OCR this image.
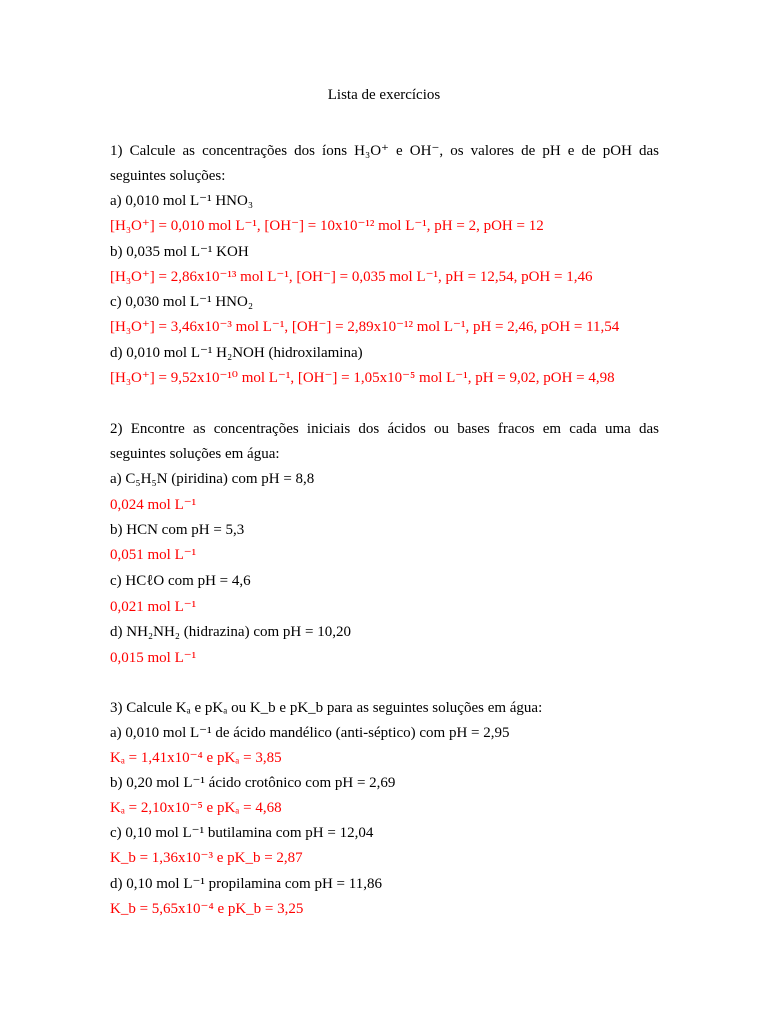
Lista de exercícios
1) Calcule as concentrações dos íons H₃O⁺ e OH⁻, os valores de pH e de pOH das
seguintes soluções:
a) 0,010 mol L⁻¹ HNO₃
[H₃O⁺] = 0,010 mol L⁻¹, [OH⁻] = 10x10⁻¹² mol L⁻¹, pH = 2, pOH = 12
b) 0,035 mol L⁻¹ KOH
[H₃O⁺] = 2,86x10⁻¹³ mol L⁻¹, [OH⁻] = 0,035 mol L⁻¹, pH = 12,54, pOH = 1,46
c) 0,030 mol L⁻¹ HNO₂
[H₃O⁺] = 3,46x10⁻³ mol L⁻¹, [OH⁻] = 2,89x10⁻¹² mol L⁻¹, pH = 2,46, pOH = 11,54
d) 0,010 mol L⁻¹ H₂NOH (hidroxilamina)
[H₃O⁺] = 9,52x10⁻¹⁰ mol L⁻¹, [OH⁻] = 1,05x10⁻⁵ mol L⁻¹, pH = 9,02, pOH = 4,98
2) Encontre as concentrações iniciais dos ácidos ou bases fracos em cada uma das
seguintes soluções em água:
a) C₅H₅N (piridina) com pH = 8,8
0,024 mol L⁻¹
b) HCN com pH = 5,3
0,051 mol L⁻¹
c) HCℓO com pH = 4,6
0,021 mol L⁻¹
d) NH₂NH₂ (hidrazina) com pH = 10,20
0,015 mol L⁻¹
3) Calcule Kₐ e pKₐ ou K_b e pK_b para as seguintes soluções em água:
a) 0,010 mol L⁻¹ de ácido mandélico (anti-séptico) com pH = 2,95
Kₐ = 1,41x10⁻⁴ e pKₐ = 3,85
b) 0,20 mol L⁻¹ ácido crotônico com pH = 2,69
Kₐ = 2,10x10⁻⁵ e pKₐ = 4,68
c) 0,10 mol L⁻¹ butilamina com pH = 12,04
K_b = 1,36x10⁻³ e pK_b = 2,87
d) 0,10 mol L⁻¹ propilamina com pH = 11,86
K_b = 5,65x10⁻⁴ e pK_b = 3,25
